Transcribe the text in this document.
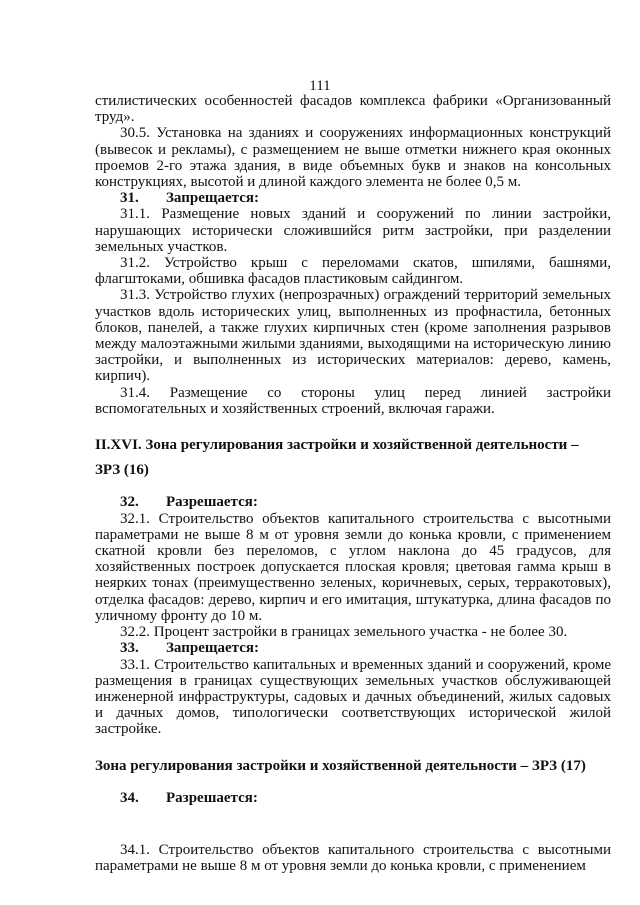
111

стилистических особенностей фасадов комплекса фабрики «Организованный труд».

30.5. Установка на зданиях и сооружениях информационных конструкций (вывесок и рекламы), с размещением не выше отметки нижнего края оконных проемов 2-го этажа здания, в виде объемных букв и знаков на консольных конструкциях, высотой и длиной каждого элемента не более 0,5 м.

31. Запрещается:

31.1. Размещение новых зданий и сооружений по линии застройки, нарушающих исторически сложившийся ритм застройки, при разделении земельных участков.

31.2. Устройство крыш с переломами скатов, шпилями, башнями, флагштоками, обшивка фасадов пластиковым сайдингом.

31.3. Устройство глухих (непрозрачных) ограждений территорий земельных участков вдоль исторических улиц, выполненных из профнастила, бетонных блоков, панелей, а также глухих кирпичных стен (кроме заполнения разрывов между малоэтажными жилыми зданиями, выходящими на историческую линию застройки, и выполненных из исторических материалов: дерево, камень, кирпич).

31.4. Размещение со стороны улиц перед линией застройки вспомогательных и хозяйственных строений, включая гаражи.

II.XVI. Зона регулирования застройки и хозяйственной деятельности –

ЗРЗ (16)

32. Разрешается:

32.1. Строительство объектов капитального строительства с высотными параметрами не выше 8 м от уровня земли до конька кровли, с применением скатной кровли без переломов, с углом наклона до 45 градусов, для хозяйственных построек допускается плоская кровля; цветовая гамма крыш в неярких тонах (преимущественно зеленых, коричневых, серых, терракотовых), отделка фасадов: дерево, кирпич и его имитация, штукатурка, длина фасадов по уличному фронту до 10 м.

32.2. Процент застройки в границах земельного участка - не более 30.

33. Запрещается:

33.1. Строительство капитальных и временных зданий и сооружений, кроме размещения в границах существующих земельных участков обслуживающей инженерной инфраструктуры, садовых и дачных объединений, жилых садовых и дачных домов, типологически соответствующих исторической жилой застройке.

Зона регулирования застройки и хозяйственной деятельности – ЗРЗ (17)

34. Разрешается:

34.1. Строительство объектов капитального строительства с высотными параметрами не выше 8 м от уровня земли до конька кровли, с применением
